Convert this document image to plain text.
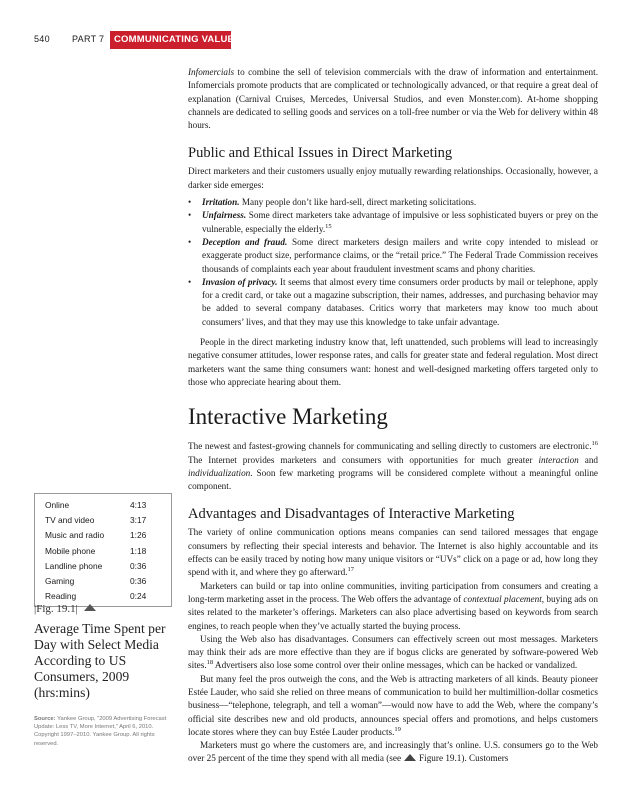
540 PART 7 COMMUNICATING VALUE

Infomercials to combine the sell of television commercials with the draw of information and entertainment. Infomercials promote products that are complicated or technologically advanced, or that require a great deal of explanation (Carnival Cruises, Mercedes, Universal Studios, and even Monster.com). At-home shopping channels are dedicated to selling goods and services on a toll-free number or via the Web for delivery within 48 hours.

Public and Ethical Issues in Direct Marketing

Direct marketers and their customers usually enjoy mutually rewarding relationships. Occasionally, however, a darker side emerges:

• Irritation. Many people don’t like hard-sell, direct marketing solicitations.
• Unfairness. Some direct marketers take advantage of impulsive or less sophisticated buyers or prey on the vulnerable, especially the elderly.$^{15}$
• Deception and fraud. Some direct marketers design mailers and write copy intended to mislead or exaggerate product size, performance claims, or the “retail price.” The Federal Trade Commission receives thousands of complaints each year about fraudulent investment scams and phony charities.
• Invasion of privacy. It seems that almost every time consumers order products by mail or telephone, apply for a credit card, or take out a magazine subscription, their names, addresses, and purchasing behavior may be added to several company databases. Critics worry that marketers may know too much about consumers’ lives, and that they may use this knowledge to take unfair advantage.

People in the direct marketing industry know that, left unattended, such problems will lead to increasingly negative consumer attitudes, lower response rates, and calls for greater state and federal regulation. Most direct marketers want the same thing consumers want: honest and well-designed marketing offers targeted only to those who appreciate hearing about them.

Interactive Marketing

The newest and fastest-growing channels for communicating and selling directly to customers are electronic.$^{16}$ The Internet provides marketers and consumers with opportunities for much greater interaction and individualization. Soon few marketing programs will be considered complete without a meaningful online component.

Advantages and Disadvantages of Interactive Marketing

The variety of online communication options means companies can send tailored messages that engage consumers by reflecting their special interests and behavior. The Internet is also highly accountable and its effects can be easily traced by noting how many unique visitors or “UVs” click on a page or ad, how long they spend with it, and where they go afterward.$^{17}$

Marketers can build or tap into online communities, inviting participation from consumers and creating a long-term marketing asset in the process. The Web offers the advantage of contextual placement, buying ads on sites related to the marketer’s offerings. Marketers can also place advertising based on keywords from search engines, to reach people when they’ve actually started the buying process.

Using the Web also has disadvantages. Consumers can effectively screen out most messages. Marketers may think their ads are more effective than they are if bogus clicks are generated by software-powered Web sites.$^{18}$ Advertisers also lose some control over their online messages, which can be hacked or vandalized.

But many feel the pros outweigh the cons, and the Web is attracting marketers of all kinds. Beauty pioneer Estée Lauder, who said she relied on three means of communication to build her multimillion-dollar cosmetics business—“telephone, telegraph, and tell a woman”—would now have to add the Web, where the company’s official site describes new and old products, announces special offers and promotions, and helps customers locate stores where they can buy Estée Lauder products.$^{19}$

Marketers must go where the customers are, and increasingly that’s online. U.S. consumers go to the Web over 25 percent of the time they spend with all media (see Figure 19.1). Customers

Online	4:13
TV and video	3:17
Music and radio	1:26
Mobile phone	1:18
Landline phone	0:36
Gaming	0:36
Reading	0:24
|Fig. 19.1|
Average Time Spent per Day with Select Media According to US Consumers, 2009 (hrs:mins)
Source: Yankee Group, “2009 Advertising Forecast Update: Less TV, More Internet,” April 6, 2010. Copyright 1997–2010. Yankee Group. All rights reserved.
